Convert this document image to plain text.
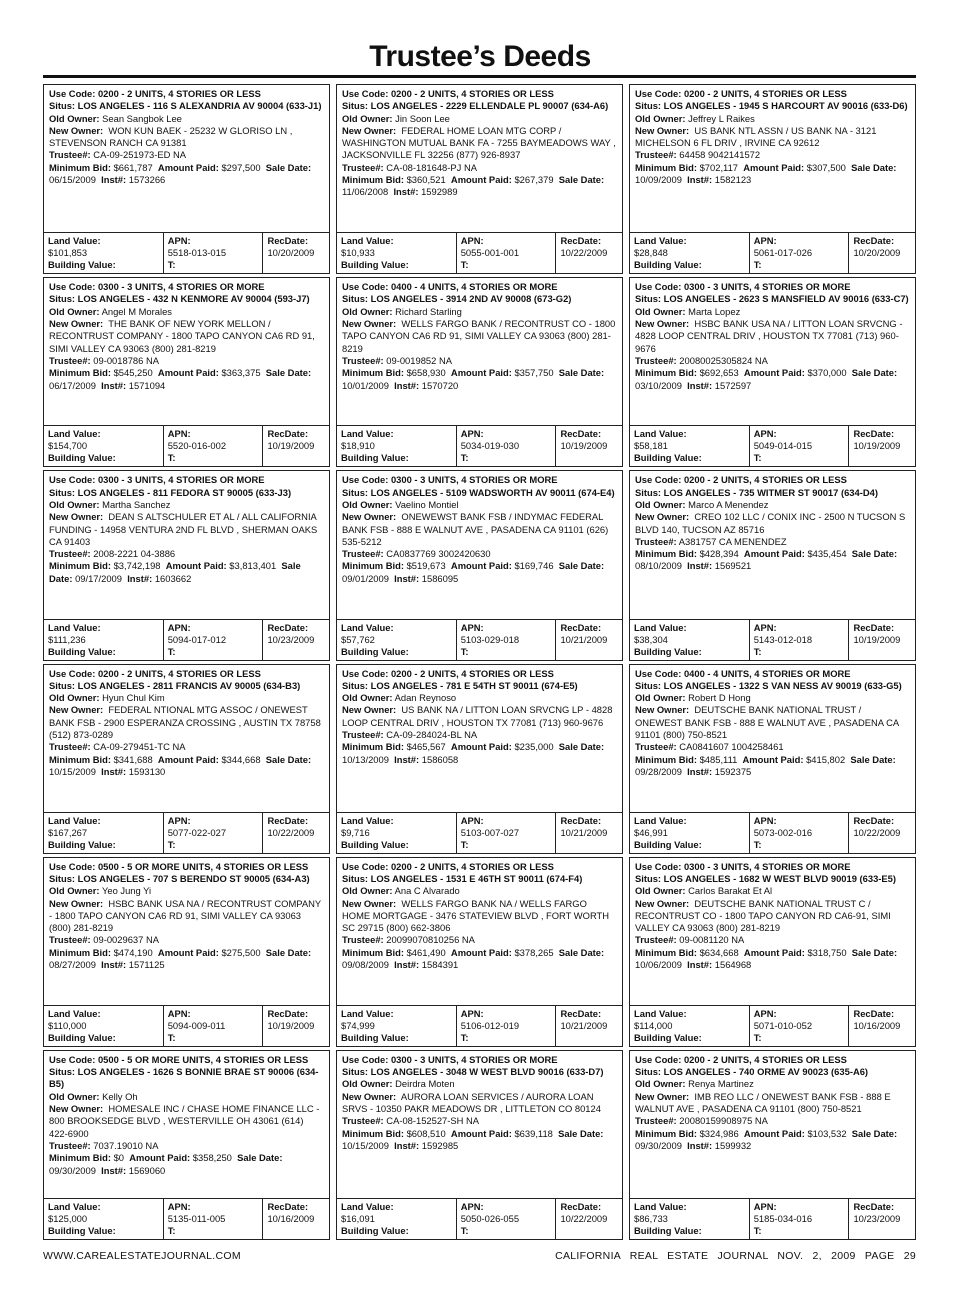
Trustee’s Deeds
Use Code: 0200 - 2 UNITS, 4 STORIES OR LESS
Situs: LOS ANGELES - 116 S ALEXANDRIA AV 90004 (633-J1)
Old Owner: Sean Sangbok Lee
New Owner: WON KUN BAEK - 25232 W GLORISO LN , STEVENSON RANCH CA 91381
Trustee#: CA-09-251973-ED NA
Minimum Bid: $661,787 Amount Paid: $297,500 Sale Date: 06/15/2009 Inst#: 1573266
Land Value:
$101,853
Building Value:
APN:
5518-013-015
T:
RecDate:
10/20/2009
Use Code: 0200 - 2 UNITS, 4 STORIES OR LESS
Situs: LOS ANGELES - 2229 ELLENDALE PL 90007 (634-A6)
Old Owner: Jin Soon Lee
New Owner: FEDERAL HOME LOAN MTG CORP / WASHINGTON MUTUAL BANK FA - 7255 BAYMEADOWS WAY , JACKSONVILLE FL 32256 (877) 926-8937
Trustee#: CA-08-181648-PJ NA
Minimum Bid: $360,521 Amount Paid: $267,379 Sale Date: 11/06/2008 Inst#: 1592989
Land Value:
$10,933
Building Value:
APN:
5055-001-001
T:
RecDate:
10/22/2009
Use Code: 0200 - 2 UNITS, 4 STORIES OR LESS
Situs: LOS ANGELES - 1945 S HARCOURT AV 90016 (633-D6)
Old Owner: Jeffrey L Raikes
New Owner: US BANK NTL ASSN / US BANK NA - 3121 MICHELSON 6 FL DRIV , IRVINE CA 92612
Trustee#: 64458 9042141572
Minimum Bid: $702,117 Amount Paid: $307,500 Sale Date: 10/09/2009 Inst#: 1582123
Land Value:
$28,848
Building Value:
APN:
5061-017-026
T:
RecDate:
10/20/2009
Use Code: 0300 - 3 UNITS, 4 STORIES OR MORE
Situs: LOS ANGELES - 432 N KENMORE AV 90004 (593-J7)
Old Owner: Angel M Morales
New Owner: THE BANK OF NEW YORK MELLON / RECONTRUST COMPANY - 1800 TAPO CANYON CA6 RD 91, SIMI VALLEY CA 93063 (800) 281-8219
Trustee#: 09-0018786 NA
Minimum Bid: $545,250 Amount Paid: $363,375 Sale Date: 06/17/2009 Inst#: 1571094
Land Value:
$154,700
Building Value:
APN:
5520-016-002
T:
RecDate:
10/19/2009
Use Code: 0400 - 4 UNITS, 4 STORIES OR MORE
Situs: LOS ANGELES - 3914 2ND AV 90008 (673-G2)
Old Owner: Richard Starling
New Owner: WELLS FARGO BANK / RECONTRUST CO - 1800 TAPO CANYON CA6 RD 91, SIMI VALLEY CA 93063 (800) 281-8219
Trustee#: 09-0019852 NA
Minimum Bid: $658,930 Amount Paid: $357,750 Sale Date: 10/01/2009 Inst#: 1570720
Land Value:
$18,910
Building Value:
APN:
5034-019-030
T:
RecDate:
10/19/2009
Use Code: 0300 - 3 UNITS, 4 STORIES OR MORE
Situs: LOS ANGELES - 2623 S MANSFIELD AV 90016 (633-C7)
Old Owner: Marta Lopez
New Owner: HSBC BANK USA NA / LITTON LOAN SRVCNG - 4828 LOOP CENTRAL DRIV , HOUSTON TX 77081 (713) 960-9676
Trustee#: 20080025305824 NA
Minimum Bid: $692,653 Amount Paid: $370,000 Sale Date: 03/10/2009 Inst#: 1572597
Land Value:
$58,181
Building Value:
APN:
5049-014-015
T:
RecDate:
10/19/2009
Use Code: 0300 - 3 UNITS, 4 STORIES OR MORE
Situs: LOS ANGELES - 811 FEDORA ST 90005 (633-J3)
Old Owner: Martha Sanchez
New Owner: DEAN S ALTSCHULER ET AL / ALL CALIFORNIA FUNDING - 14958 VENTURA 2ND FL BLVD , SHERMAN OAKS CA 91403
Trustee#: 2008-2221 04-3886
Minimum Bid: $3,742,198 Amount Paid: $3,813,401 Sale Date: 09/17/2009 Inst#: 1603662
Land Value:
$111,236
Building Value:
APN:
5094-017-012
T:
RecDate:
10/23/2009
Use Code: 0300 - 3 UNITS, 4 STORIES OR MORE
Situs: LOS ANGELES - 5109 WADSWORTH AV 90011 (674-E4)
Old Owner: Vaelino Montiel
New Owner: ONEWEWST BANK FSB / INDYMAC FEDERAL BANK FSB - 888 E WALNUT AVE , PASADENA CA 91101 (626) 535-5212
Trustee#: CA0837769 3002420630
Minimum Bid: $519,673 Amount Paid: $169,746 Sale Date: 09/01/2009 Inst#: 1586095
Land Value:
$57,762
Building Value:
APN:
5103-029-018
T:
RecDate:
10/21/2009
Use Code: 0200 - 2 UNITS, 4 STORIES OR LESS
Situs: LOS ANGELES - 735 WITMER ST 90017 (634-D4)
Old Owner: Marco A Menendez
New Owner: CREO 102 LLC / CONIX INC - 2500 N TUCSON S BLVD 140, TUCSON AZ 85716
Trustee#: A381757 CA MENENDEZ
Minimum Bid: $428,394 Amount Paid: $435,454 Sale Date: 08/10/2009 Inst#: 1569521
Land Value:
$38,304
Building Value:
APN:
5143-012-018
T:
RecDate:
10/19/2009
Use Code: 0200 - 2 UNITS, 4 STORIES OR LESS
Situs: LOS ANGELES - 2811 FRANCIS AV 90005 (634-B3)
Old Owner: Hyun Chul Kim
New Owner: FEDERAL NTIONAL MTG ASSOC / ONEWEST BANK FSB - 2900 ESPERANZA CROSSING , AUSTIN TX 78758 (512) 873-0289
Trustee#: CA-09-279451-TC NA
Minimum Bid: $341,688 Amount Paid: $344,668 Sale Date: 10/15/2009 Inst#: 1593130
Land Value:
$167,267
Building Value:
APN:
5077-022-027
T:
RecDate:
10/22/2009
Use Code: 0200 - 2 UNITS, 4 STORIES OR LESS
Situs: LOS ANGELES - 781 E 54TH ST 90011 (674-E5)
Old Owner: Adan Reynoso
New Owner: US BANK NA / LITTON LOAN SRVCNG LP - 4828 LOOP CENTRAL DRIV , HOUSTON TX 77081 (713) 960-9676
Trustee#: CA-09-284024-BL NA
Minimum Bid: $465,567 Amount Paid: $235,000 Sale Date: 10/13/2009 Inst#: 1586058
Land Value:
$9,716
Building Value:
APN:
5103-007-027
T:
RecDate:
10/21/2009
Use Code: 0400 - 4 UNITS, 4 STORIES OR MORE
Situs: LOS ANGELES - 1322 S VAN NESS AV 90019 (633-G5)
Old Owner: Robert D Hong
New Owner: DEUTSCHE BANK NATIONAL TRUST / ONEWEST BANK FSB - 888 E WALNUT AVE , PASADENA CA 91101 (800) 750-8521
Trustee#: CA0841607 1004258461
Minimum Bid: $485,111 Amount Paid: $415,802 Sale Date: 09/28/2009 Inst#: 1592375
Land Value:
$46,991
Building Value:
APN:
5073-002-016
T:
RecDate:
10/22/2009
Use Code: 0500 - 5 OR MORE UNITS, 4 STORIES OR LESS
Situs: LOS ANGELES - 707 S BERENDO ST 90005 (634-A3)
Old Owner: Yeo Jung Yi
New Owner: HSBC BANK USA NA / RECONTRUST COMPANY - 1800 TAPO CANYON CA6 RD 91, SIMI VALLEY CA 93063 (800) 281-8219
Trustee#: 09-0029637 NA
Minimum Bid: $474,190 Amount Paid: $275,500 Sale Date: 08/27/2009 Inst#: 1571125
Land Value:
$110,000
Building Value:
APN:
5094-009-011
T:
RecDate:
10/19/2009
Use Code: 0200 - 2 UNITS, 4 STORIES OR LESS
Situs: LOS ANGELES - 1531 E 46TH ST 90011 (674-F4)
Old Owner: Ana C Alvarado
New Owner: WELLS FARGO BANK NA / WELLS FARGO HOME MORTGAGE - 3476 STATEVIEW BLVD , FORT WORTH SC 29715 (800) 662-3806
Trustee#: 20099070810256 NA
Minimum Bid: $461,490 Amount Paid: $378,265 Sale Date: 09/08/2009 Inst#: 1584391
Land Value:
$74,999
Building Value:
APN:
5106-012-019
T:
RecDate:
10/21/2009
Use Code: 0300 - 3 UNITS, 4 STORIES OR MORE
Situs: LOS ANGELES - 1682 W WEST BLVD 90019 (633-E5)
Old Owner: Carlos Barakat Et Al
New Owner: DEUTSCHE BANK NATIONAL TRUST C / RECONTRUST CO - 1800 TAPO CANYON RD CA6-91, SIMI VALLEY CA 93063 (800) 281-8219
Trustee#: 09-0081120 NA
Minimum Bid: $634,668 Amount Paid: $318,750 Sale Date: 10/06/2009 Inst#: 1564968
Land Value:
$114,000
Building Value:
APN:
5071-010-052
T:
RecDate:
10/16/2009
Use Code: 0500 - 5 OR MORE UNITS, 4 STORIES OR LESS
Situs: LOS ANGELES - 1626 S BONNIE BRAE ST 90006 (634-B5)
Old Owner: Kelly Oh
New Owner: HOMESALE INC / CHASE HOME FINANCE LLC - 800 BROOKSEDGE BLVD , WESTERVILLE OH 43061 (614) 422-6900
Trustee#: 7037.19010 NA
Minimum Bid: $0 Amount Paid: $358,250 Sale Date: 09/30/2009 Inst#: 1569060
Land Value:
$125,000
Building Value:
APN:
5135-011-005
T:
RecDate:
10/16/2009
Use Code: 0300 - 3 UNITS, 4 STORIES OR MORE
Situs: LOS ANGELES - 3048 W WEST BLVD 90016 (633-D7)
Old Owner: Deirdra Moten
New Owner: AURORA LOAN SERVICES / AURORA LOAN SRVS - 10350 PAKR MEADOWS DR , LITTLETON CO 80124
Trustee#: CA-08-152527-SH NA
Minimum Bid: $608,510 Amount Paid: $639,118 Sale Date: 10/15/2009 Inst#: 1592985
Land Value:
$16,091
Building Value:
APN:
5050-026-055
T:
RecDate:
10/22/2009
Use Code: 0200 - 2 UNITS, 4 STORIES OR LESS
Situs: LOS ANGELES - 740 ORME AV 90023 (635-A6)
Old Owner: Renya Martinez
New Owner: IMB REO LLC / ONEWEST BANK FSB - 888 E WALNUT AVE , PASADENA CA 91101 (800) 750-8521
Trustee#: 20080159908975 NA
Minimum Bid: $324,986 Amount Paid: $103,532 Sale Date: 09/30/2009 Inst#: 1599932
Land Value:
$86,733
Building Value:
APN:
5185-034-016
T:
RecDate:
10/23/2009
WWW.CAREALESTATEJOURNAL.COM	CALIFORNIA REAL ESTATE JOURNAL NOV. 2, 2009 PAGE 29
